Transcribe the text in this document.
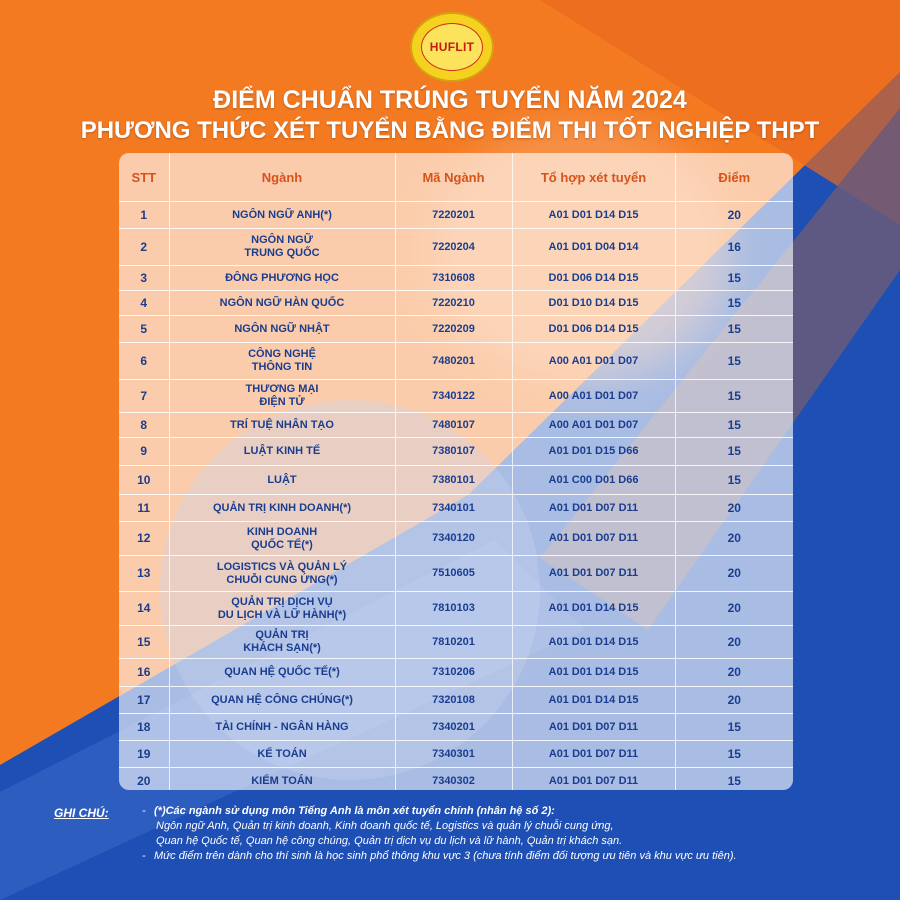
HUFLIT
ĐIỂM CHUẨN TRÚNG TUYỂN NĂM 2024
PHƯƠNG THỨC XÉT TUYỂN BẰNG ĐIỂM THI TỐT NGHIỆP THPT
STT	Ngành	Mã Ngành	Tổ hợp xét tuyển	Điểm
1	NGÔN NGỮ ANH(*)	7220201	A01 D01 D14 D15	20
2	NGÔN NGỮ
TRUNG QUỐC	7220204	A01 D01 D04 D14	16
3	ĐÔNG PHƯƠNG HỌC	7310608	D01 D06 D14 D15	15
4	NGÔN NGỮ HÀN QUỐC	7220210	D01 D10 D14 D15	15
5	NGÔN NGỮ NHẬT	7220209	D01 D06 D14 D15	15
6	CÔNG NGHỆ
THÔNG TIN	7480201	A00 A01 D01 D07	15
7	THƯƠNG MẠI
ĐIỆN TỬ	7340122	A00 A01 D01 D07	15
8	TRÍ TUỆ NHÂN TẠO	7480107	A00 A01 D01 D07	15
9	LUẬT KINH TẾ	7380107	A01 D01 D15 D66	15
10	LUẬT	7380101	A01 C00 D01 D66	15
11	QUẢN TRỊ KINH DOANH(*)	7340101	A01 D01 D07 D11	20
12	KINH DOANH
QUỐC TẾ(*)	7340120	A01 D01 D07 D11	20
13	LOGISTICS VÀ QUẢN LÝ
CHUỖI CUNG ỨNG(*)	7510605	A01 D01 D07 D11	20
14	QUẢN TRỊ DỊCH VỤ
DU LỊCH VÀ LỮ HÀNH(*)	7810103	A01 D01 D14 D15	20
15	QUẢN TRỊ
KHÁCH SẠN(*)	7810201	A01 D01 D14 D15	20
16	QUAN HỆ QUỐC TẾ(*)	7310206	A01 D01 D14 D15	20
17	QUAN HỆ CÔNG CHÚNG(*)	7320108	A01 D01 D14 D15	20
18	TÀI CHÍNH - NGÂN HÀNG	7340201	A01 D01 D07 D11	15
19	KẾ TOÁN	7340301	A01 D01 D07 D11	15
20	KIỂM TOÁN	7340302	A01 D01 D07 D11	15
GHI CHÚ:	- (*)Các ngành sử dụng môn Tiếng Anh là môn xét tuyển chính (nhân hệ số 2):
Ngôn ngữ Anh, Quản trị kinh doanh, Kinh doanh quốc tế, Logistics và quản lý chuỗi cung ứng,
Quan hệ Quốc tế, Quan hệ công chúng, Quản trị dịch vụ du lịch và lữ hành, Quản trị khách sạn.
- Mức điểm trên dành cho thí sinh là học sinh phổ thông khu vực 3 (chưa tính điểm đối tượng ưu tiên và khu vực ưu tiên).
